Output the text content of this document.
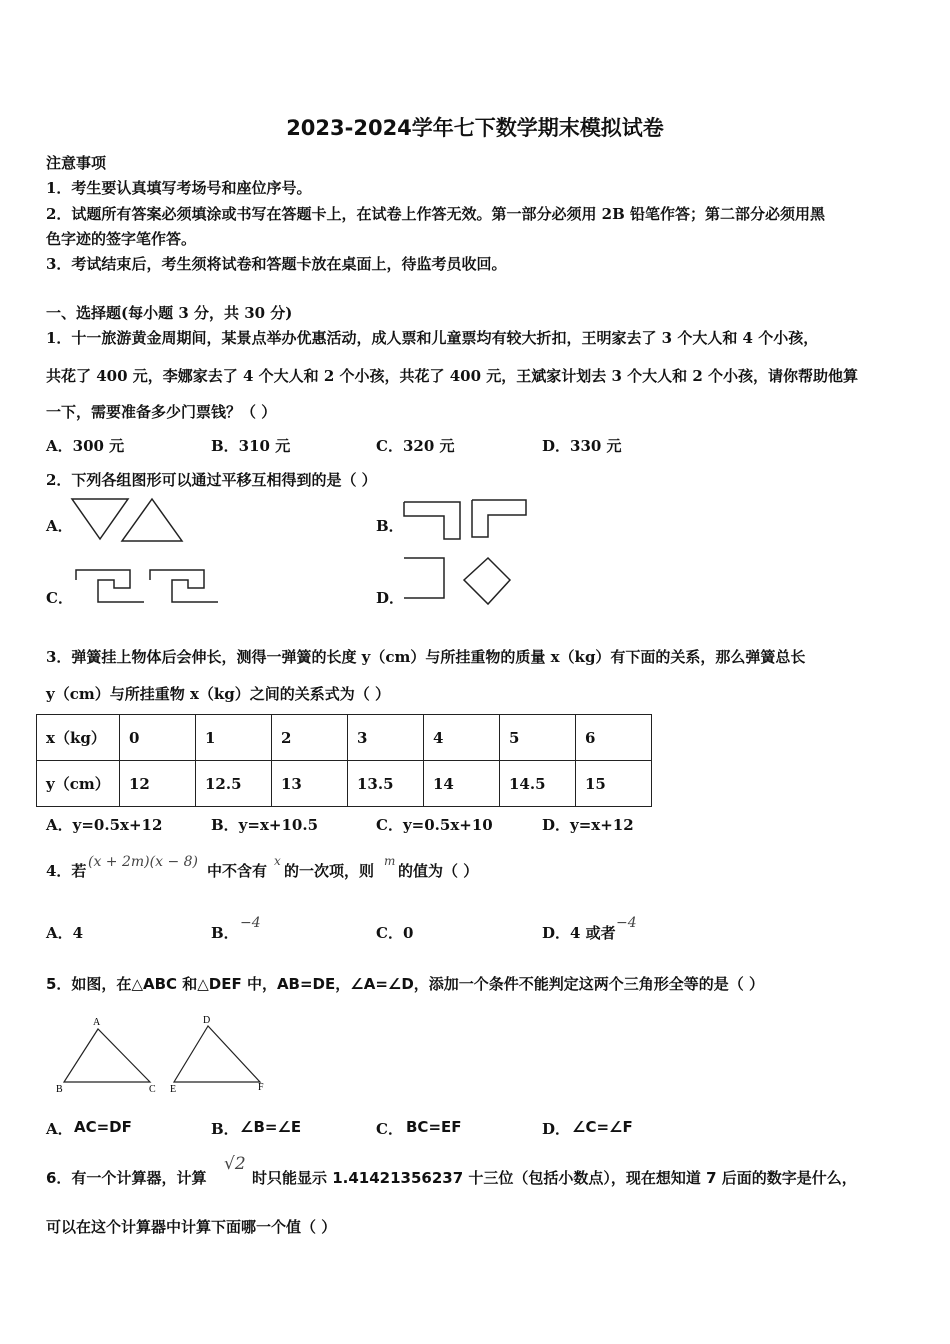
2023-2024学年七下数学期末模拟试卷
注意事项
1．考生要认真填写考场号和座位序号。
2．试题所有答案必须填涂或书写在答题卡上，在试卷上作答无效。第一部分必须用 2B 铅笔作答；第二部分必须用黑
色字迹的签字笔作答。
3．考试结束后，考生须将试卷和答题卡放在桌面上，待监考员收回。
一、选择题(每小题 3 分，共 30 分)
1．十一旅游黄金周期间，某景点举办优惠活动，成人票和儿童票均有较大折扣，王明家去了 3 个大人和 4 个小孩，
共花了 400 元，李娜家去了 4 个大人和 2 个小孩，共花了 400 元，王斌家计划去 3 个大人和 2 个小孩，请你帮助他算
一下，需要准备多少门票钱？（ ）
A．300 元	B．310 元	C．320 元	D．330 元
2．下列各组图形可以通过平移互相得到的是（ ）
A．	B．
C．	D．
3．弹簧挂上物体后会伸长，测得一弹簧的长度 y（cm）与所挂重物的质量 x（kg）有下面的关系，那么弹簧总长
y（cm）与所挂重物 x（kg）之间的关系式为（ ）
x（kg）	0	1	2	3	4	5	6
y（cm）	12	12.5	13	13.5	14	14.5	15
A．y=0.5x+12	B．y=x+10.5	C．y=0.5x+10	D．y=x+12
4．若 (x + 2m)(x − 8) 中不含有
x
的一次项，则
m
的值为（ ）
A．4	B．
−4
C．0	D．4 或者
−4
5．如图，在△ABC 和△DEF 中，AB=DE，∠A=∠D，添加一个条件不能判定这两个三角形全等的是（ ）
A
B	C
D
E	F
A． AC=DF	B． ∠B=∠E	C． BC=EF	D． ∠C=∠F
6．有一个计算器，计算
√2
时只能显示 1.41421356237 十三位（包括小数点），现在想知道 7 后面的数字是什么，
可以在这个计算器中计算下面哪一个值（ ）
